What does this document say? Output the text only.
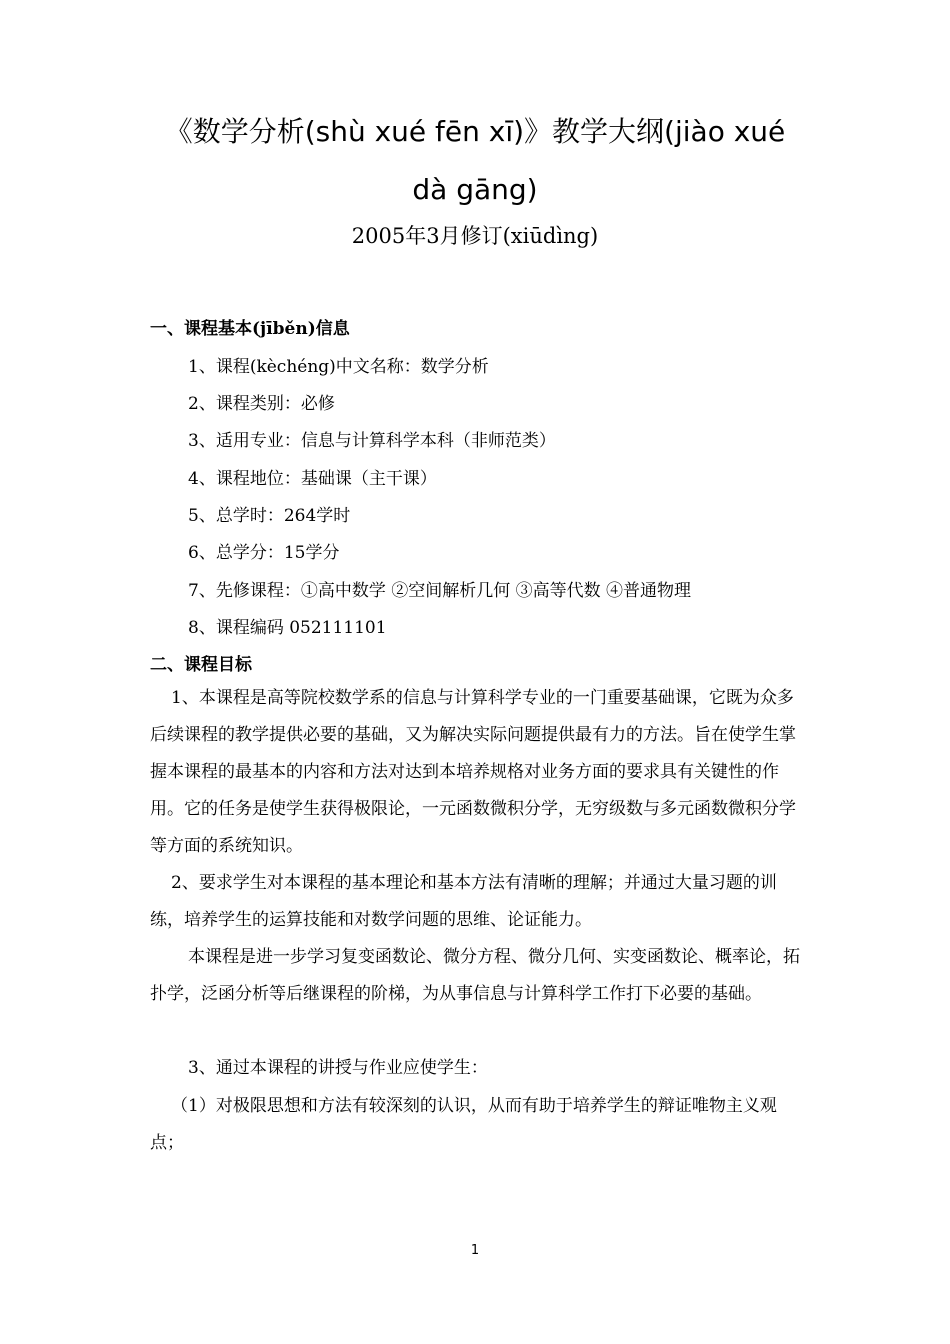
《数学分析(shù xué fēn xī)》教学大纲(jiào xué
dà gāng)
2005年3月修订(xiūdìng)
一、课程基本(jīběn)信息
1、课程(kèchéng)中文名称：数学分析
2、课程类别：必修
3、适用专业：信息与计算科学本科（非师范类）
4、课程地位：基础课（主干课）
5、总学时：264学时
6、总学分：15学分
7、先修课程：①高中数学 ②空间解析几何 ③高等代数 ④普通物理
8、课程编码 052111101
二、课程目标
1、本课程是高等院校数学系的信息与计算科学专业的一门重要基础课，它既为众多后续课程的教学提供必要的基础，又为解决实际问题提供最有力的方法。旨在使学生掌握本课程的最基本的内容和方法对达到本培养规格对业务方面的要求具有关键性的作用。它的任务是使学生获得极限论，一元函数微积分学，无穷级数与多元函数微积分学等方面的系统知识。
2、要求学生对本课程的基本理论和基本方法有清晰的理解；并通过大量习题的训练，培养学生的运算技能和对数学问题的思维、论证能力。
本课程是进一步学习复变函数论、微分方程、微分几何、实变函数论、概率论，拓扑学，泛函分析等后继课程的阶梯，为从事信息与计算科学工作打下必要的基础。
3、通过本课程的讲授与作业应使学生：
（1）对极限思想和方法有较深刻的认识，从而有助于培养学生的辩证唯物主义观点；
1
